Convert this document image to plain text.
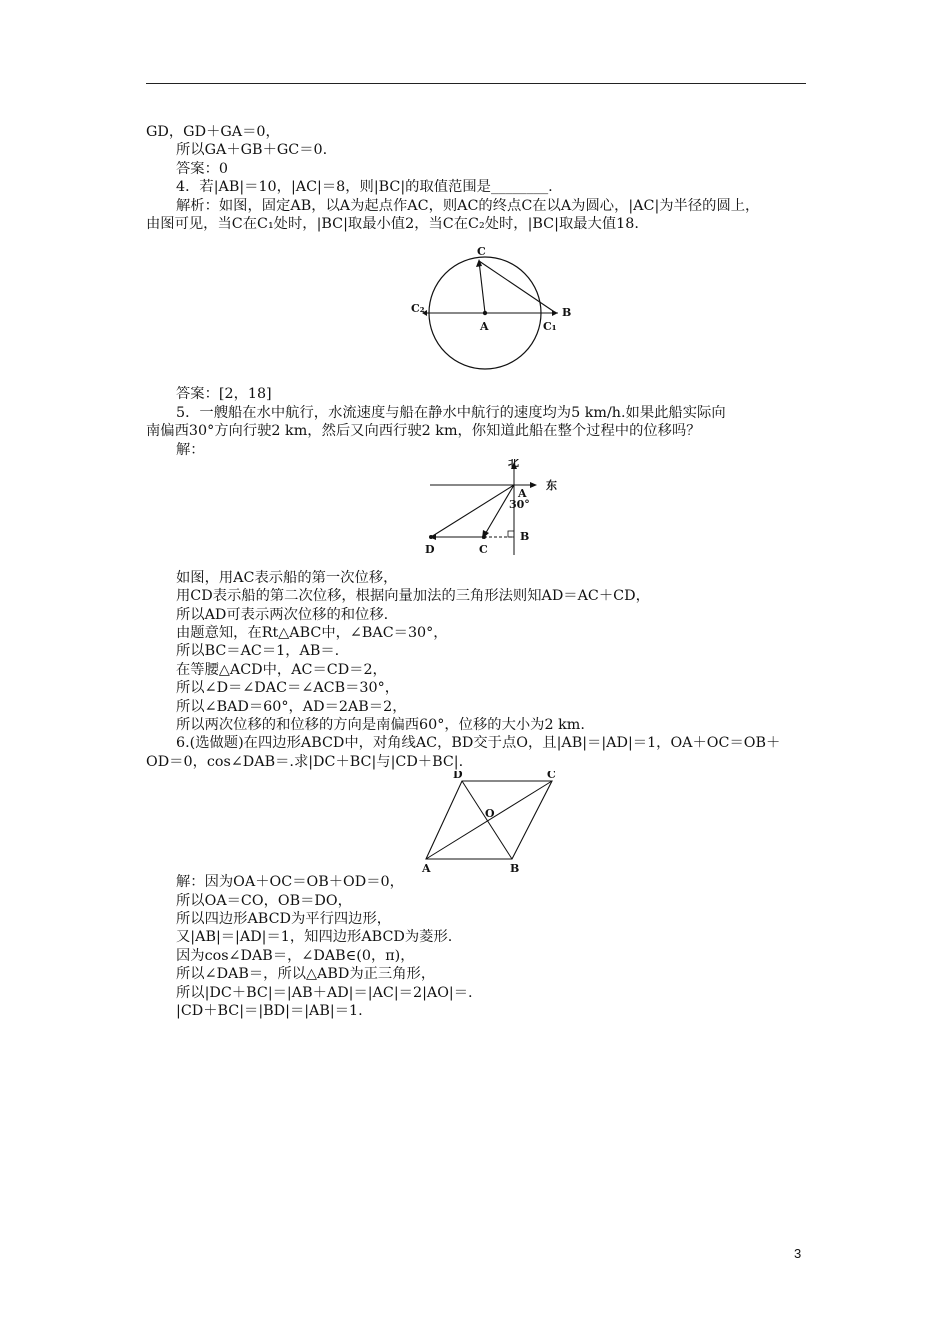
GD，GD＋GA＝0，
所以GA＋GB＋GC＝0.
答案：0
4．若|AB|＝10，|AC|＝8，则|BC|的取值范围是________.
解析：如图，固定AB，以A为起点作AC，则AC的终点C在以A为圆心，|AC|为半径的圆上，
由图可见，当C在C₁处时，|BC|取最小值2，当C在C₂处时，|BC|取最大值18.
C
C₂
A	C₁
B
答案：[2，18]
5．一艘船在水中航行，水流速度与船在静水中航行的速度均为5 km/h.如果此船实际向
南偏西30°方向行驶2 km，然后又向西行驶2 km，你知道此船在整个过程中的位移吗？
解：
北
东
A
30°
B
C
D
如图，用AC表示船的第一次位移，
用CD表示船的第二次位移，根据向量加法的三角形法则知AD＝AC＋CD，
所以AD可表示两次位移的和位移.
由题意知，在Rt△ABC中，∠BAC＝30°，
所以BC＝AC＝1，AB＝.
在等腰△ACD中，AC＝CD＝2，
所以∠D＝∠DAC＝∠ACB＝30°，
所以∠BAD＝60°，AD＝2AB＝2，
所以两次位移的和位移的方向是南偏西60°，位移的大小为2 km.
6.(选做题)在四边形ABCD中，对角线AC，BD交于点O，且|AB|＝|AD|＝1，OA＋OC＝OB＋
OD＝0，cos∠DAB＝.求|DC＋BC|与|CD＋BC|.
D	C
O
A	B
解：因为OA＋OC＝OB＋OD＝0，
所以OA＝CO，OB＝DO，
所以四边形ABCD为平行四边形，
又|AB|＝|AD|＝1，知四边形ABCD为菱形.
因为cos∠DAB＝，∠DAB∈(0，π)，
所以∠DAB＝，所以△ABD为正三角形，
所以|DC＋BC|＝|AB＋AD|＝|AC|＝2|AO|＝.
|CD＋BC|＝|BD|＝|AB|＝1.
3
